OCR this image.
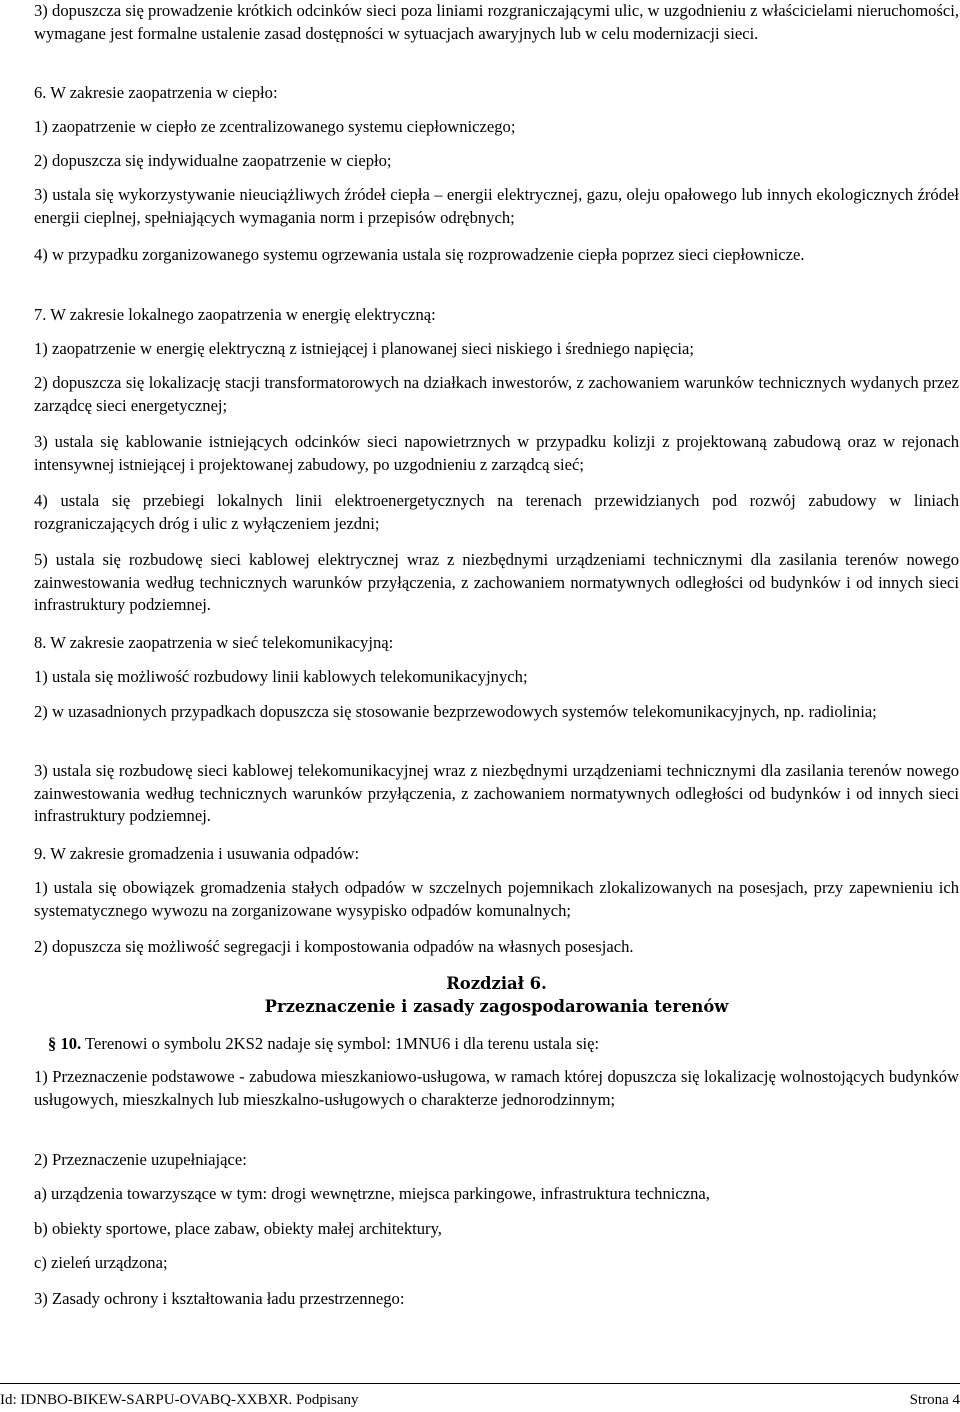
3) dopuszcza się prowadzenie krótkich odcinków sieci poza liniami rozgraniczającymi ulic, w uzgodnieniu z właścicielami nieruchomości, wymagane jest formalne ustalenie zasad dostępności w sytuacjach awaryjnych lub w celu modernizacji sieci.

6. W zakresie zaopatrzenia w ciepło:

1) zaopatrzenie w ciepło ze zcentralizowanego systemu ciepłowniczego;

2) dopuszcza się indywidualne zaopatrzenie w ciepło;

3) ustala się wykorzystywanie nieuciążliwych źródeł ciepła – energii elektrycznej, gazu, oleju opałowego lub innych ekologicznych źródeł energii cieplnej, spełniających wymagania norm i przepisów odrębnych;

4) w przypadku zorganizowanego systemu ogrzewania ustala się rozprowadzenie ciepła poprzez sieci ciepłownicze.

7. W zakresie lokalnego zaopatrzenia w energię elektryczną:

1) zaopatrzenie w energię elektryczną z istniejącej i planowanej sieci niskiego i średniego napięcia;

2) dopuszcza się lokalizację stacji transformatorowych na działkach inwestorów, z zachowaniem warunków technicznych wydanych przez zarządcę sieci energetycznej;

3) ustala się kablowanie istniejących odcinków sieci napowietrznych w przypadku kolizji z projektowaną zabudową oraz w rejonach intensywnej istniejącej i projektowanej zabudowy, po uzgodnieniu z zarządcą sieć;

4) ustala się przebiegi lokalnych linii elektroenergetycznych na terenach przewidzianych pod rozwój zabudowy w liniach rozgraniczających dróg i ulic z wyłączeniem jezdni;

5) ustala się rozbudowę sieci kablowej elektrycznej wraz z niezbędnymi urządzeniami technicznymi dla zasilania terenów nowego zainwestowania według technicznych warunków przyłączenia, z zachowaniem normatywnych odległości od budynków i od innych sieci infrastruktury podziemnej.

8. W zakresie zaopatrzenia w sieć telekomunikacyjną:

1) ustala się możliwość rozbudowy linii kablowych telekomunikacyjnych;

2) w uzasadnionych przypadkach dopuszcza się stosowanie bezprzewodowych systemów telekomunikacyjnych, np. radiolinia;

3) ustala się rozbudowę sieci kablowej telekomunikacyjnej wraz z niezbędnymi urządzeniami technicznymi dla zasilania terenów nowego zainwestowania według technicznych warunków przyłączenia, z zachowaniem normatywnych odległości od budynków i od innych sieci infrastruktury podziemnej.

9. W zakresie gromadzenia i usuwania odpadów:

1) ustala się obowiązek gromadzenia stałych odpadów w szczelnych pojemnikach zlokalizowanych na posesjach, przy zapewnieniu ich systematycznego wywozu na zorganizowane wysypisko odpadów komunalnych;

2) dopuszcza się możliwość segregacji i kompostowania odpadów na własnych posesjach.

1) Przeznaczenie podstawowe - zabudowa mieszkaniowo-usługowa, w ramach której dopuszcza się lokalizację wolnostojących budynków usługowych, mieszkalnych lub mieszkalno-usługowych o charakterze jednorodzinnym;

2) Przeznaczenie uzupełniające:

a) urządzenia towarzyszące w tym: drogi wewnętrzne, miejsca parkingowe, infrastruktura techniczna,

b) obiekty sportowe, place zabaw, obiekty małej architektury,

c) zieleń urządzona;

3) Zasady ochrony i kształtowania ładu przestrzennego:

Rozdział 6.
Przeznaczenie i zasady zagospodarowania terenów

§ 10. Terenowi o symbolu 2KS2 nadaje się symbol: 1MNU6 i dla terenu ustala się:

Id: IDNBO-BIKEW-SARPU-OVABQ-XXBXR. Podpisany	Strona 4
